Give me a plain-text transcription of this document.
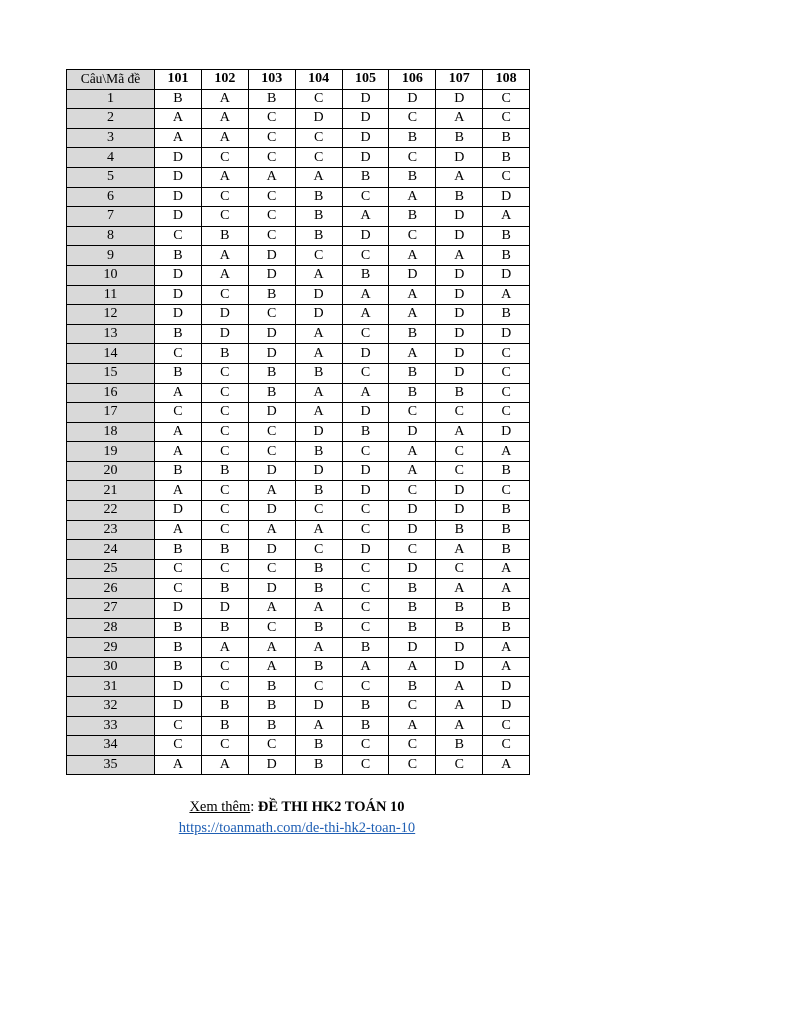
Câu\Mã đề	101	102	103	104	105	106	107	108
1	B	A	B	C	D	D	D	C
2	A	A	C	D	D	C	A	C
3	A	A	C	C	D	B	B	B
4	D	C	C	C	D	C	D	B
5	D	A	A	A	B	B	A	C
6	D	C	C	B	C	A	B	D
7	D	C	C	B	A	B	D	A
8	C	B	C	B	D	C	D	B
9	B	A	D	C	C	A	A	B
10	D	A	D	A	B	D	D	D
11	D	C	B	D	A	A	D	A
12	D	D	C	D	A	A	D	B
13	B	D	D	A	C	B	D	D
14	C	B	D	A	D	A	D	C
15	B	C	B	B	C	B	D	C
16	A	C	B	A	A	B	B	C
17	C	C	D	A	D	C	C	C
18	A	C	C	D	B	D	A	D
19	A	C	C	B	C	A	C	A
20	B	B	D	D	D	A	C	B
21	A	C	A	B	D	C	D	C
22	D	C	D	C	C	D	D	B
23	A	C	A	A	C	D	B	B
24	B	B	D	C	D	C	A	B
25	C	C	C	B	C	D	C	A
26	C	B	D	B	C	B	A	A
27	D	D	A	A	C	B	B	B
28	B	B	C	B	C	B	B	B
29	B	A	A	A	B	D	D	A
30	B	C	A	B	A	A	D	A
31	D	C	B	C	C	B	A	D
32	D	B	B	D	B	C	A	D
33	C	B	B	A	B	A	A	C
34	C	C	C	B	C	C	B	C
35	A	A	D	B	C	C	C	A
Xem thêm: ĐỀ THI HK2 TOÁN 10
https://toanmath.com/de-thi-hk2-toan-10
